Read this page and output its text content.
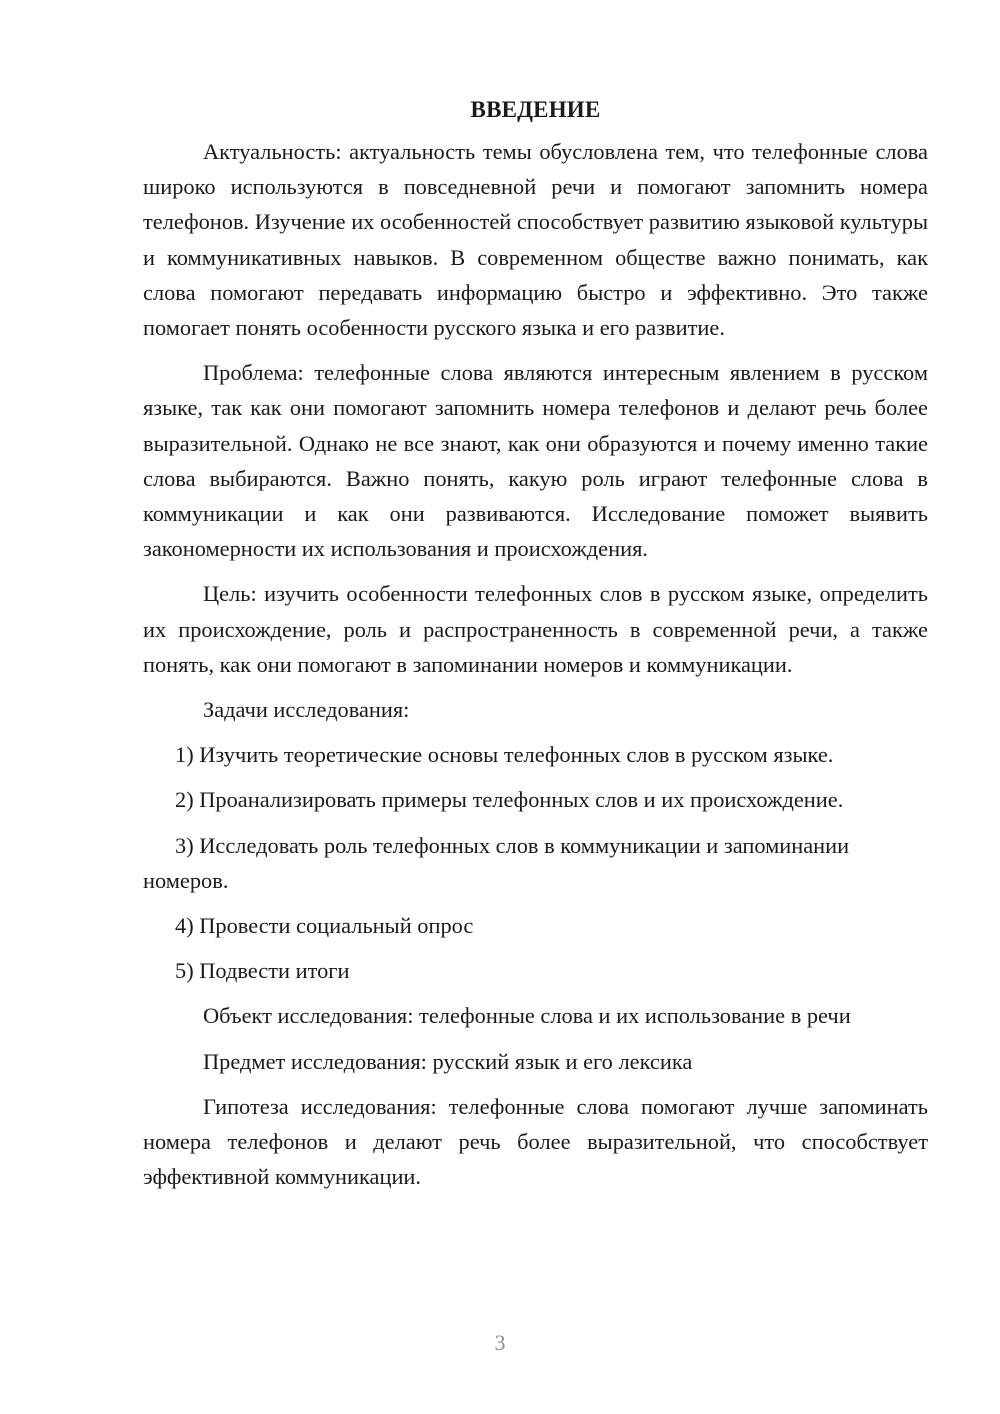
ВВЕДЕНИЕ

Актуальность: актуальность темы обусловлена тем, что телефонные слова широко используются в повседневной речи и помогают запомнить номера телефонов. Изучение их особенностей способствует развитию языковой культуры и коммуникативных навыков. В современном обществе важно понимать, как слова помогают передавать информацию быстро и эффективно. Это также помогает понять особенности русского языка и его развитие.

Проблема: телефонные слова являются интересным явлением в русском языке, так как они помогают запомнить номера телефонов и делают речь более выразительной. Однако не все знают, как они образуются и почему именно такие слова выбираются. Важно понять, какую роль играют телефонные слова в коммуникации и как они развиваются. Исследование поможет выявить закономерности их использования и происхождения.

Цель: изучить особенности телефонных слов в русском языке, определить их происхождение, роль и распространенность в современной речи, а также понять, как они помогают в запоминании номеров и коммуникации.

Задачи исследования:

1) Изучить теоретические основы телефонных слов в русском языке.

2) Проанализировать примеры телефонных слов и их происхождение.

3) Исследовать роль телефонных слов в коммуникации и запоминании номеров.

4) Провести социальный опрос

5) Подвести итоги

Объект исследования: телефонные слова и их использование в речи

Предмет исследования: русский язык и его лексика

Гипотеза исследования: телефонные слова помогают лучше запоминать номера телефонов и делают речь более выразительной, что способствует эффективной коммуникации.

3
